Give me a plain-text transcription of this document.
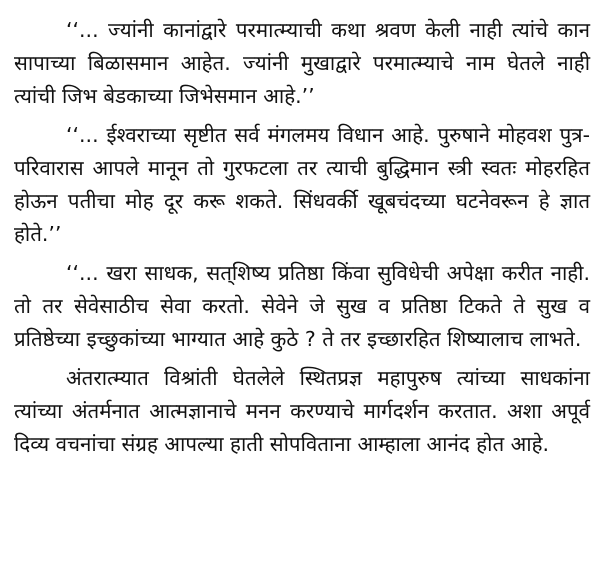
‘‘... ज्यांनी कानांद्वारे परमात्म्याची कथा श्रवण केली नाही त्यांचे कान सापाच्या बिळासमान आहेत. ज्यांनी मुखाद्वारे परमात्म्याचे नाम घेतले नाही त्यांची जिभ बेडकाच्या जिभेसमान आहे.’’

‘‘... ईश्वराच्या सृष्टीत सर्व मंगलमय विधान आहे. पुरुषाने मोहवश पुत्र-परिवारास आपले मानून तो गुरफटला तर त्याची बुद्धिमान स्त्री स्वतः मोहरहित होऊन पतीचा मोह दूर करू शकते. सिंधवर्की खूबचंदच्या घटनेवरून हे ज्ञात होते.’’

‘‘... खरा साधक, सत्‌शिष्य प्रतिष्ठा किंवा सुविधेची अपेक्षा करीत नाही. तो तर सेवेसाठीच सेवा करतो. सेवेने जे सुख व प्रतिष्ठा टिकते ते सुख व प्रतिष्ठेच्या इच्छुकांच्या भाग्यात आहे कुठे ? ते तर इच्छारहित शिष्यालाच लाभते.

अंतरात्म्यात विश्रांती घेतलेले स्थितप्रज्ञ महापुरुष त्यांच्या साधकांना त्यांच्या अंतर्मनात आत्मज्ञानाचे मनन करण्याचे मार्गदर्शन करतात. अशा अपूर्व दिव्य वचनांचा संग्रह आपल्या हाती सोपविताना आम्हाला आनंद होत आहे.
